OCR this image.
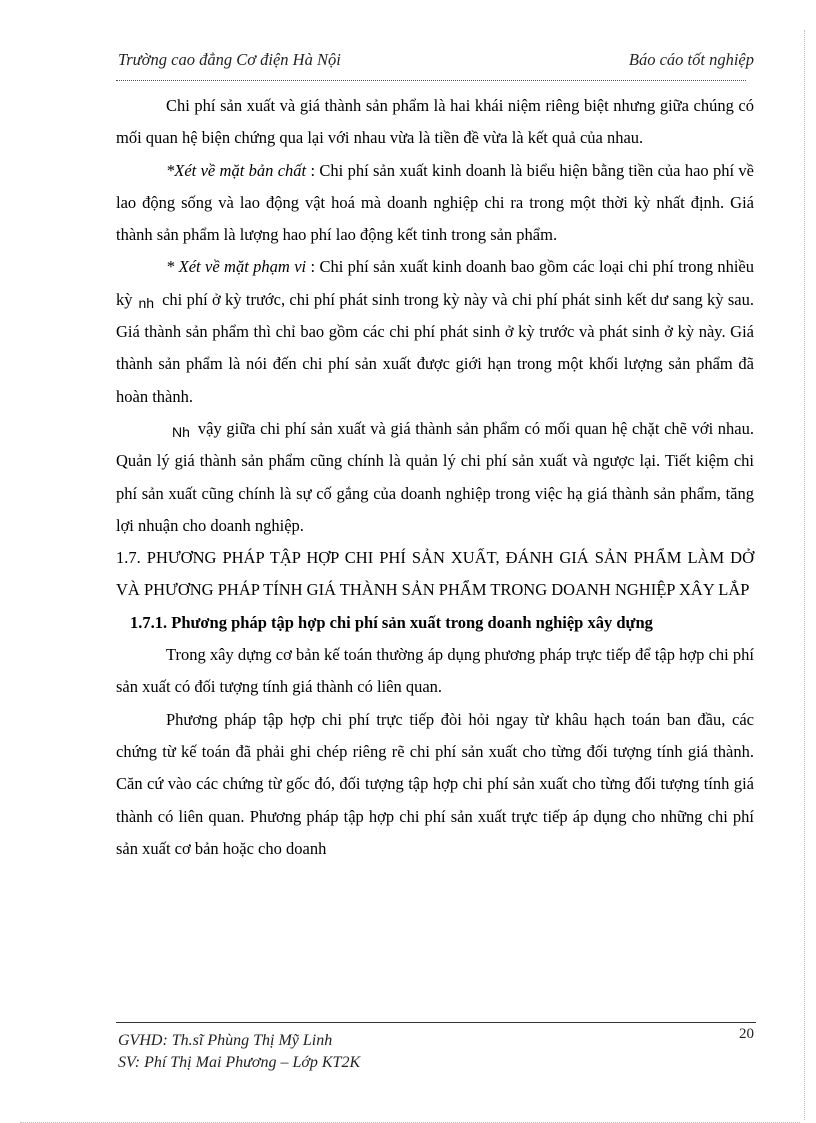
Trường cao đẳng Cơ điện Hà Nội	Báo cáo tốt nghiệp

Chi phí sản xuất và giá thành sản phẩm là hai khái niệm riêng biệt nhưng giữa chúng có mối quan hệ biện chứng qua lại với nhau vừa là tiền đề vừa là kết quả của nhau.

*Xét về mặt bản chất : Chi phí sản xuất kinh doanh là biểu hiện bằng tiền của hao phí về lao động sống và lao động vật hoá mà doanh nghiệp chi ra trong một thời kỳ nhất định. Giá thành sản phẩm là lượng hao phí lao động kết tinh trong sản phẩm.

* Xét về mặt phạm vi : Chi phí sản xuất kinh doanh bao gồm các loại chi phí trong nhiều kỳ nh chi phí ở kỳ trước, chi phí phát sinh trong kỳ này và chi phí phát sinh kết dư sang kỳ sau. Giá thành sản phẩm thì chỉ bao gồm các chi phí phát sinh ở kỳ trước và phát sinh ở kỳ này. Giá thành sản phẩm là nói đến chi phí sản xuất được giới hạn trong một khối lượng sản phẩm đã hoàn thành.

Nh vậy giữa chi phí sản xuất và giá thành sản phẩm có mối quan hệ chặt chẽ với nhau. Quản lý giá thành sản phẩm cũng chính là quản lý chi phí sản xuất và ngược lại. Tiết kiệm chi phí sản xuất cũng chính là sự cố gắng của doanh nghiệp trong việc hạ giá thành sản phẩm, tăng lợi nhuận cho doanh nghiệp.

1.7. PHƯƠNG PHÁP TẬP HỢP CHI PHÍ SẢN XUẤT, ĐÁNH GIÁ SẢN PHẨM LÀM DỞ VÀ PHƯƠNG PHÁP TÍNH GIÁ THÀNH SẢN PHẨM TRONG DOANH NGHIỆP XÂY LẮP

1.7.1. Phương pháp tập hợp chi phí sản xuất trong doanh nghiệp xây dựng

Trong xây dựng cơ bản kế toán thường áp dụng phương pháp trực tiếp để tập hợp chi phí sản xuất có đối tượng tính giá thành có liên quan.

Phương pháp tập hợp chi phí trực tiếp đòi hỏi ngay từ khâu hạch toán ban đầu, các chứng từ kế toán đã phải ghi chép riêng rẽ chi phí sản xuất cho từng đối tượng tính giá thành. Căn cứ vào các chứng từ gốc đó, đối tượng tập hợp chi phí sản xuất cho từng đối tượng tính giá thành có liên quan. Phương pháp tập hợp chi phí sản xuất trực tiếp áp dụng cho những chi phí sản xuất cơ bản hoặc cho doanh

GVHD: Th.sĩ Phùng Thị Mỹ Linh
SV: Phí Thị Mai Phương – Lớp KT2K
20
